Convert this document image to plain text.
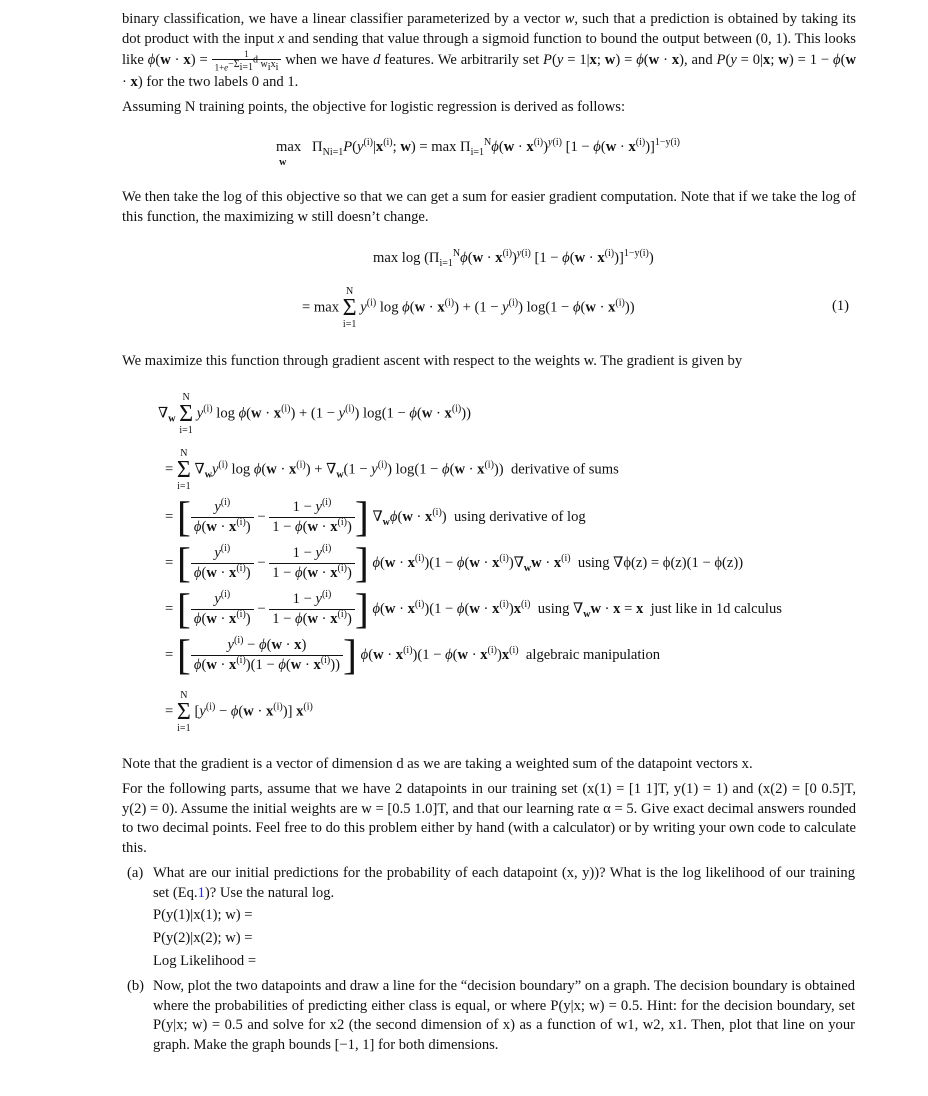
binary classification, we have a linear classifier parameterized by a vector w, such that a prediction is obtained by taking its dot product with the input x and sending that value through a sigmoid function to bound the output between (0, 1). This looks like $\phi(w \cdot x) = \frac{1}{1+e^{-\Sigma_{i=1}^d w_ix_i}}$ when we have d features. We arbitrarily set P(y = 1|x; w) = ϕ(w · x), and P(y = 0|x; w) = 1 − ϕ(w · x) for the two labels 0 and 1.

Assuming N training points, the objective for logistic regression is derived as follows:

$\max_w \Pi^N_{i=1}P(y^{(i)}|x^{(i)}$; $w) = \max \Pi_{i=1}^N\phi(w \cdot x^{(i)})^{y(i)}$ $[1 - \phi(w \cdot x^{(i)})]^{1-y(i)}$

We then take the log of this objective so that we can get a sum for easier gradient computation. Note that if we take the log of this function, the maximizing w still doesn’t change.

$\max \log (\Pi_{i=1}^N\phi(w \cdot x^{(i)})^{y(i)}$ $[1 - \phi(w \cdot x^{(i)})]^{1-y(i)}$)
= max N
Σ
i=1 $y^{(i)}$ $\log \phi(w \cdot x^{(i)}) + (1 - y^{(i)})$ $\log(1 - \phi(w \cdot x^{(i)}))$	(1)

We maximize this function through gradient ascent with respect to the weights w. The gradient is given by

$\nabla_w$ N
Σ
i=1 $y^{(i)}$ $\log \phi(w \cdot x^{(i)}) + (1 - y^{(i)})$ $\log(1 - \phi(w \cdot x^{(i)}))$
= N
Σ
i=1 $\nabla_wy^{(i)}$ $\log \phi(w \cdot x^{(i)}) + \nabla_w(1 - y^{(i)})$ $\log(1 - \phi(w \cdot x^{(i)}))$  derivative of sums
= [ $\frac{y^{(i)}}{\phi(w \cdot x^{(i)})} - \frac{1 - y^{(i)}}{1 - \phi(w \cdot x^{(i)})}$ ] $\nabla_w\phi(w \cdot x^{(i)})$  using derivative of log
= [ $\frac{y^{(i)}}{\phi(w \cdot x^{(i)})} - \frac{1 - y^{(i)}}{1 - \phi(w \cdot x^{(i)})}$ ] $\phi(w \cdot x^{(i)})(1 - \phi(w \cdot x^{(i)})\nabla_ww \cdot x^{(i)}$ using ∇ϕ(z) = ϕ(z)(1 − ϕ(z))
= [ $\frac{y^{(i)}}{\phi(w \cdot x^{(i)})} - \frac{1 - y^{(i)}}{1 - \phi(w \cdot x^{(i)})}$ ] $\phi(w \cdot x^{(i)})(1 - \phi(w \cdot x^{(i)})x^{(i)}$ using $\nabla_ww \cdot x = x$ just like in 1d calculus
= [ $\frac{y^{(i)} - \phi(w \cdot x)}{\phi(w \cdot x^{(i)})(1 - \phi(w \cdot x^{(i)}))}$ ] $\phi(w \cdot x^{(i)})(1 - \phi(w \cdot x^{(i)})x^{(i)}$ algebraic manipulation
= N
Σ
i=1 $[y^{(i)} - \phi(w \cdot x^{(i)})]$ $x^{(i)}$

Note that the gradient is a vector of dimension d as we are taking a weighted sum of the datapoint vectors x.

For the following parts, assume that we have 2 datapoints in our training set (x(1) = [1 1]T, y(1) = 1) and (x(2) = [0 0.5]T, y(2) = 0). Assume the initial weights are w = [0.5 1.0]T, and that our learning rate α = 5. Give exact decimal answers rounded to two decimal points. Feel free to do this problem either by hand (with a calculator) or by writing your own code to calculate this.

(a) What are our initial predictions for the probability of each datapoint (x, y))? What is the log likelihood of our training set (Eq.1)? Use the natural log.
P(y(1)|x(1); w) =
P(y(2)|x(2); w) =
Log Likelihood =
(b) Now, plot the two datapoints and draw a line for the “decision boundary” on a graph. The decision boundary is obtained where the probabilities of predicting either class is equal, or where P(y|x; w) = 0.5. Hint: for the decision boundary, set P(y|x; w) = 0.5 and solve for x2 (the second dimension of x) as a function of w1, w2, x1. Then, plot that line on your graph. Make the graph bounds [−1, 1] for both dimensions.
